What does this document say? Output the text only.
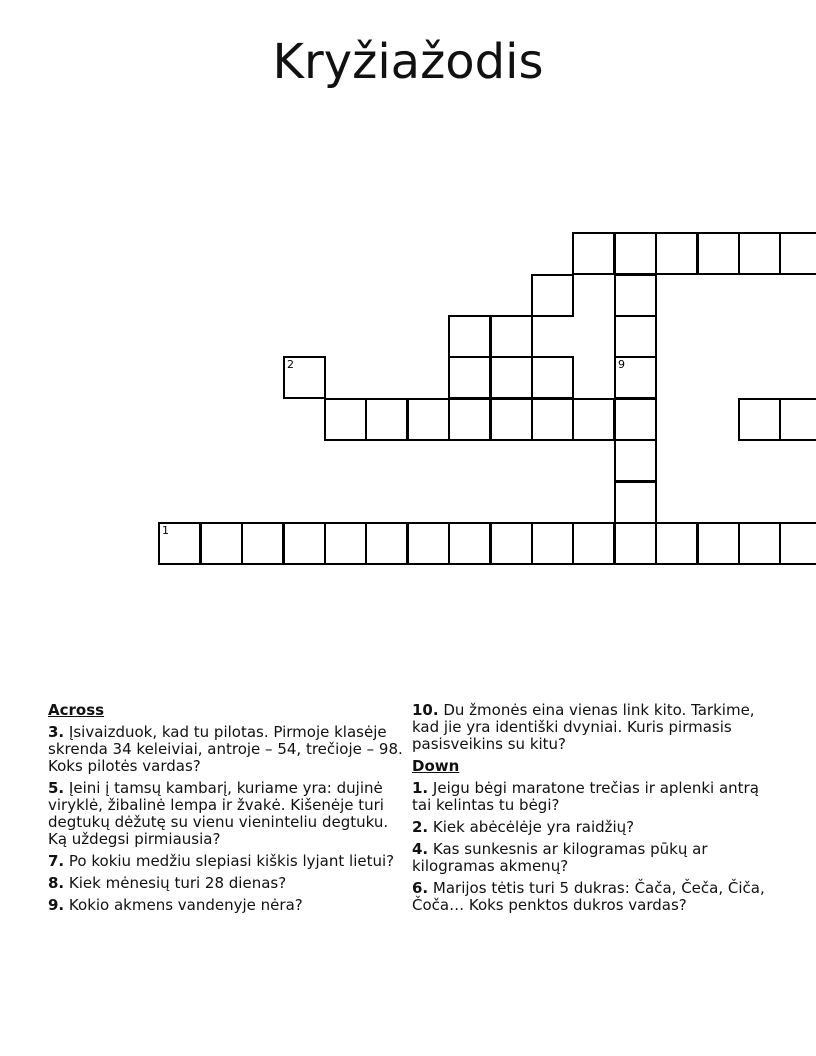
Kryžiažodis
1
2	9
Across
3. Įsivaizduok, kad tu pilotas. Pirmoje klasėje skrenda 34 keleiviai, antroje – 54, trečioje – 98. Koks pilotės vardas?
5. Įeini į tamsų kambarį, kuriame yra: dujinė viryklė, žibalinė lempa ir žvakė. Kišenėje turi degtukų dėžutę su vienu vieninteliu degtuku. Ką uždegsi pirmiausia?
7. Po kokiu medžiu slepiasi kiškis lyjant lietui?
8. Kiek mėnesių turi 28 dienas?
9. Kokio akmens vandenyje nėra?
10. Du žmonės eina vienas link kito. Tarkime, kad jie yra identiški dvyniai. Kuris pirmasis pasisveikins su kitu?
Down
1. Jeigu bėgi maratone trečias ir aplenki antrą tai kelintas tu bėgi?
2. Kiek abėcėlėje yra raidžių?
4. Kas sunkesnis ar kilogramas pūkų ar kilogramas akmenų?
6. Marijos tėtis turi 5 dukras: Čača, Čeča, Čiča, Čoča… Koks penktos dukros vardas?
